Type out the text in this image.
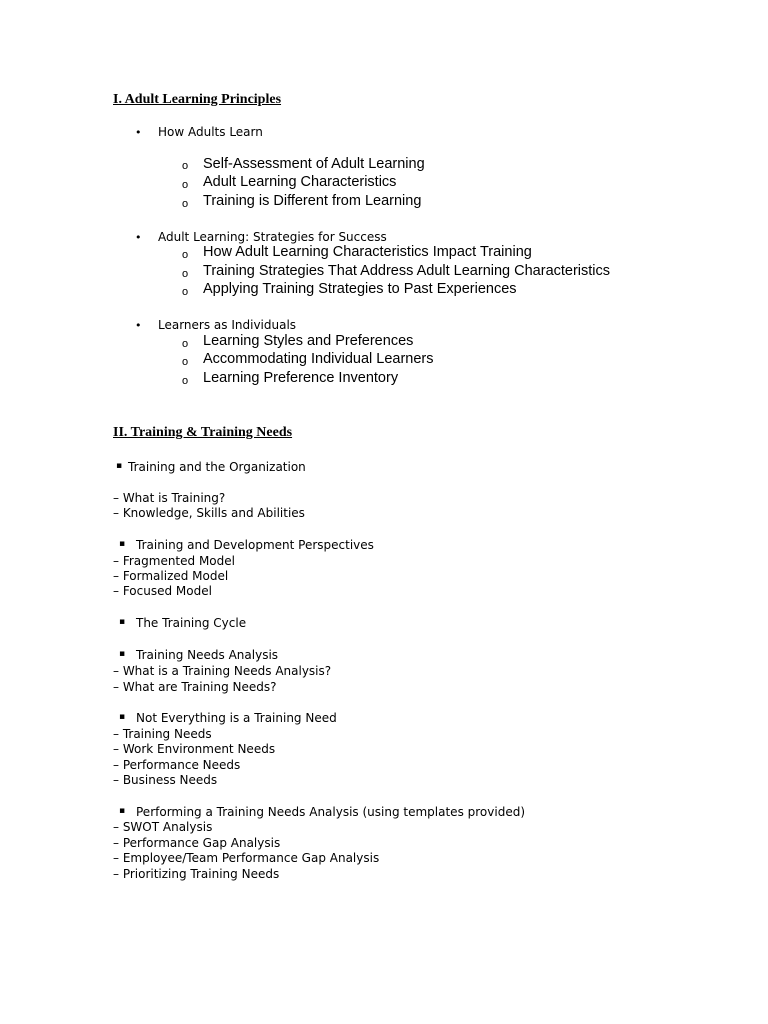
I. Adult Learning Principles
• How Adults Learn
o Self-Assessment of Adult Learning
o Adult Learning Characteristics
o Training is Different from Learning
• Adult Learning: Strategies for Success
o How Adult Learning Characteristics Impact Training
o Training Strategies That Address Adult Learning Characteristics
o Applying Training Strategies to Past Experiences
• Learners as Individuals
o Learning Styles and Preferences
o Accommodating Individual Learners
o Learning Preference Inventory
II. Training & Training Needs
▪ Training and the Organization
– What is Training?
– Knowledge, Skills and Abilities
▪ Training and Development Perspectives
– Fragmented Model
– Formalized Model
– Focused Model
▪ The Training Cycle
▪ Training Needs Analysis
– What is a Training Needs Analysis?
– What are Training Needs?
▪ Not Everything is a Training Need
– Training Needs
– Work Environment Needs
– Performance Needs
– Business Needs
▪ Performing a Training Needs Analysis (using templates provided)
– SWOT Analysis
– Performance Gap Analysis
– Employee/Team Performance Gap Analysis
– Prioritizing Training Needs
